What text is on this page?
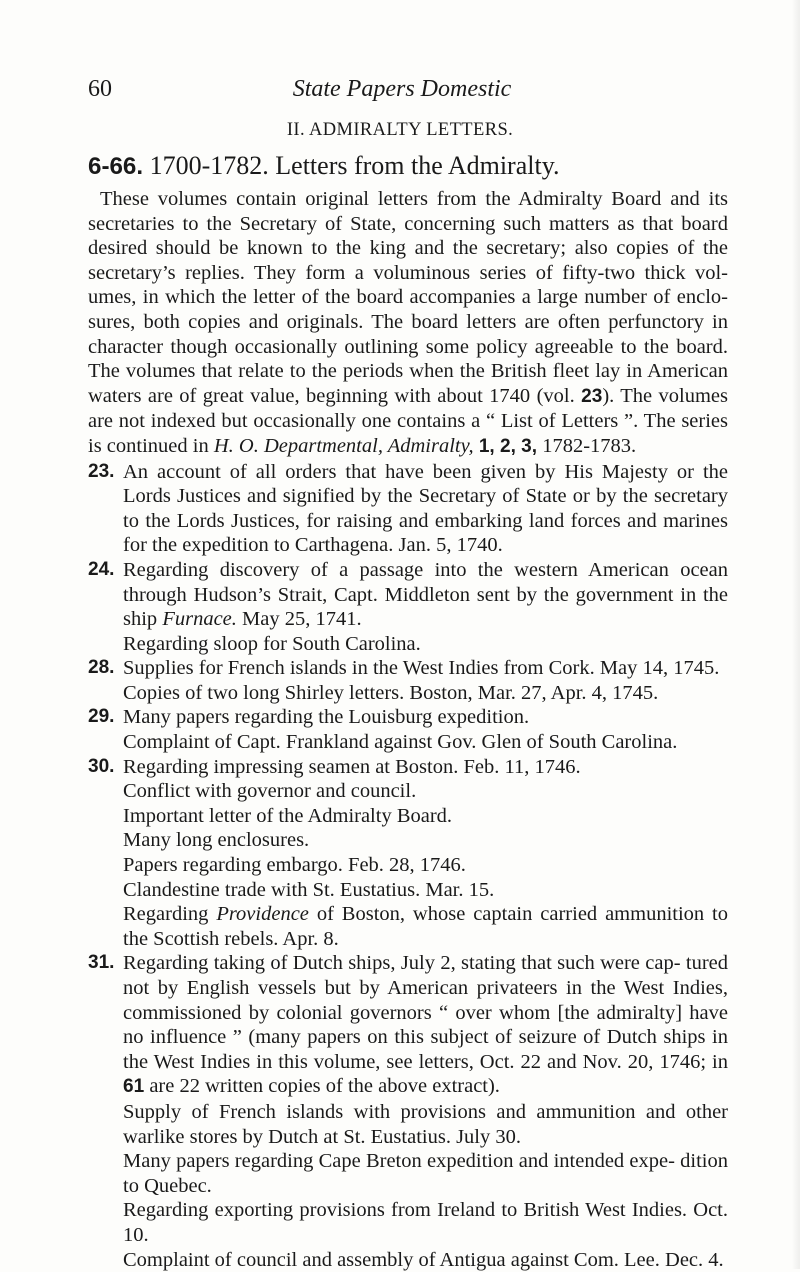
60	State Papers Domestic
II. ADMIRALTY LETTERS.
6-66. 1700-1782. Letters from the Admiralty.

These volumes contain original letters from the Admiralty Board and its secretaries to the Secretary of State, concerning such matters as that board desired should be known to the king and the secretary; also copies of the secretary’s replies. They form a voluminous series of fifty-two thick vol- umes, in which the letter of the board accompanies a large number of enclo- sures, both copies and originals. The board letters are often perfunctory in character though occasionally outlining some policy agreeable to the board. The volumes that relate to the periods when the British fleet lay in American waters are of great value, beginning with about 1740 (vol. 23). The volumes are not indexed but occasionally one contains a “ List of Letters ”. The series is continued in H. O. Departmental, Admiralty, 1, 2, 3, 1782-1783.

23. An account of all orders that have been given by His Majesty or the Lords Justices and signified by the Secretary of State or by the secretary to the Lords Justices, for raising and embarking land forces and marines for the expedition to Carthagena. Jan. 5, 1740.

24. Regarding discovery of a passage into the western American ocean through Hudson’s Strait, Capt. Middleton sent by the government in the ship Furnace. May 25, 1741.

Regarding sloop for South Carolina.

28. Supplies for French islands in the West Indies from Cork. May 14, 1745.

Copies of two long Shirley letters. Boston, Mar. 27, Apr. 4, 1745.

29. Many papers regarding the Louisburg expedition.

Complaint of Capt. Frankland against Gov. Glen of South Carolina.

30. Regarding impressing seamen at Boston. Feb. 11, 1746.

Conflict with governor and council.

Important letter of the Admiralty Board.

Many long enclosures.

Papers regarding embargo. Feb. 28, 1746.

Clandestine trade with St. Eustatius. Mar. 15.

Regarding Providence of Boston, whose captain carried ammunition to the Scottish rebels. Apr. 8.

31. Regarding taking of Dutch ships, July 2, stating that such were cap- tured not by English vessels but by American privateers in the West Indies, commissioned by colonial governors “ over whom [the admiralty] have no influence ” (many papers on this subject of seizure of Dutch ships in the West Indies in this volume, see letters, Oct. 22 and Nov. 20, 1746; in 61 are 22 written copies of the above extract).

Supply of French islands with provisions and ammunition and other warlike stores by Dutch at St. Eustatius. July 30.

Many papers regarding Cape Breton expedition and intended expe- dition to Quebec.

Regarding exporting provisions from Ireland to British West Indies. Oct. 10.

Complaint of council and assembly of Antigua against Com. Lee. Dec. 4.
